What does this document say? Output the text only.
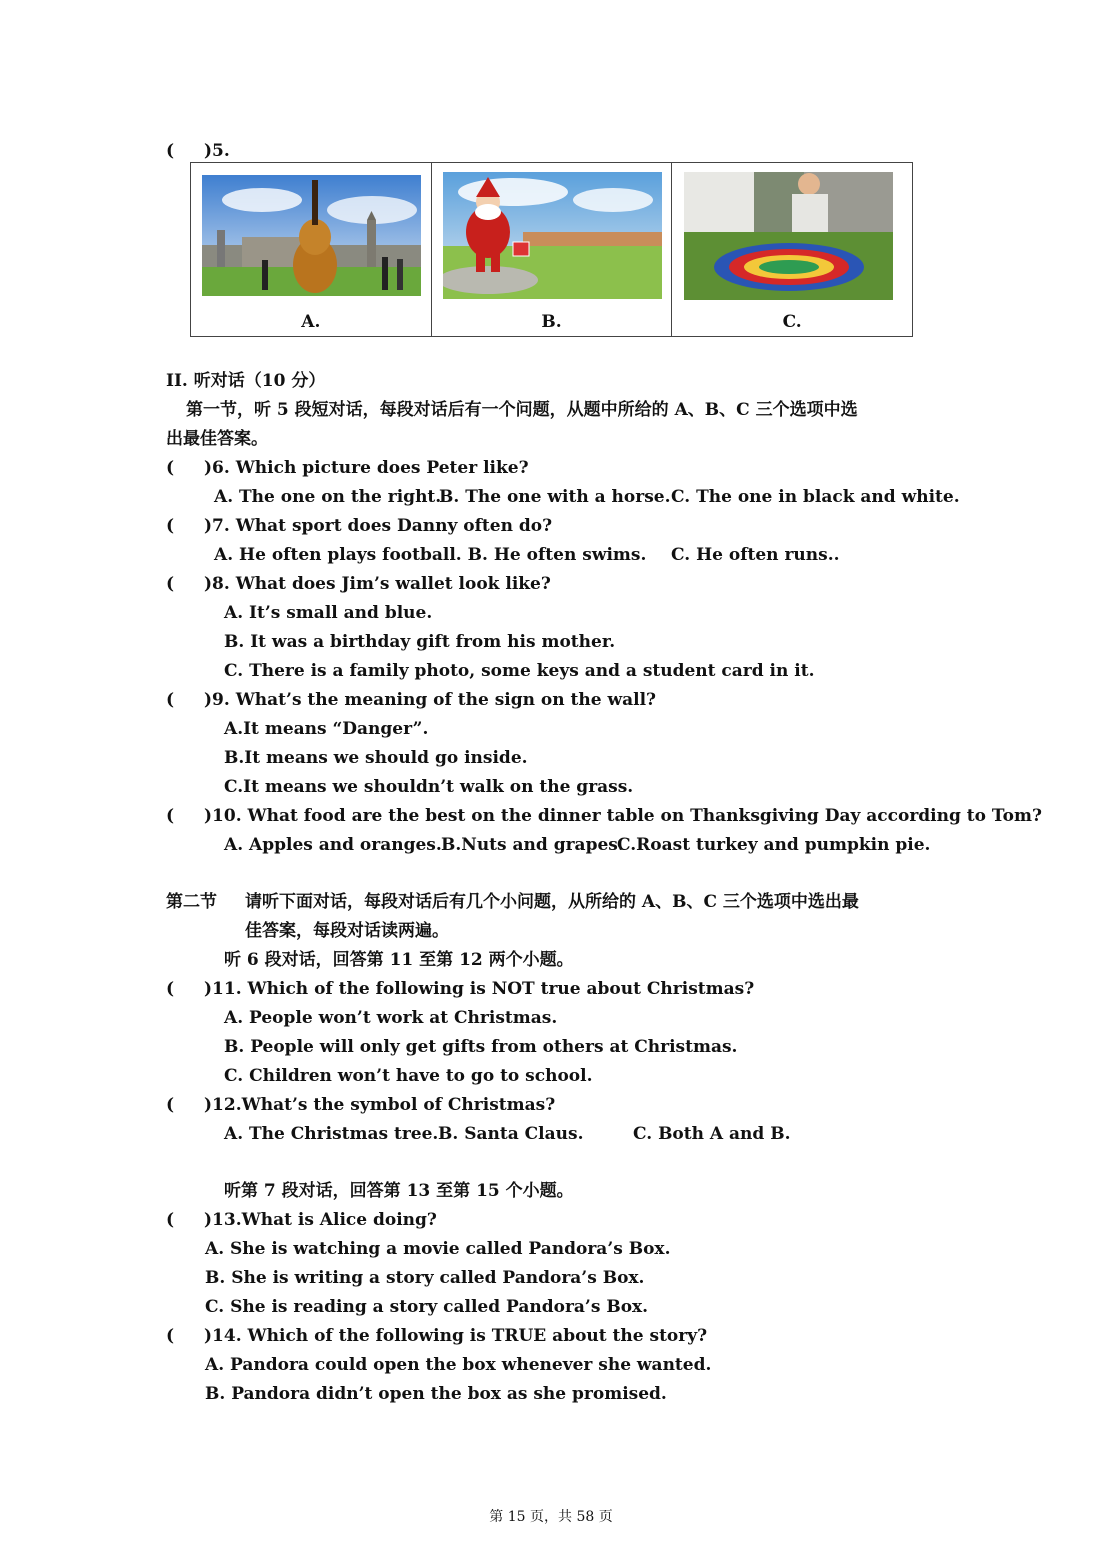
( )5.
A.	B.	C.
II. 听对话（10 分）
第一节，听 5 段短对话，每段对话后有一个问题，从题中所给的 A、B、C 三个选项中选
出最佳答案。
( )6. Which picture does Peter like?
A. The one on the right.
B. The one with a horse. C. The one in black and white.
( )7. What sport does Danny often do?
A. He often plays football. B. He often swims. C. He often runs..
( )8. What does Jim’s wallet look like?
A. It’s small and blue.
B. It was a birthday gift from his mother.
C. There is a family photo, some keys and a student card in it.
( )9. What’s the meaning of the sign on the wall?
A.It means “Danger”.
B.It means we should go inside.
C.It means we shouldn’t walk on the grass.
( )10. What food are the best on the dinner table on Thanksgiving Day according to Tom?
A. Apples and oranges. B.Nuts and grapes.
C.Roast turkey and pumpkin pie.
第二节 请听下面对话，每段对话后有几个小问题，从所给的 A、B、C 三个选项中选出最
佳答案，每段对话读两遍。
听 6 段对话，回答第 11 至第 12 两个小题。
( )11. Which of the following is NOT true about Christmas?
A. People won’t work at Christmas.
B. People will only get gifts from others at Christmas.
C. Children won’t have to go to school.
( )12.What’s the symbol of Christmas?
A. The Christmas tree. B. Santa Claus.	C. Both A and B.
听第 7 段对话，回答第 13 至第 15 个小题。
( )13.What is Alice doing?
A. She is watching a movie called Pandora’s Box.
B. She is writing a story called Pandora’s Box.
C. She is reading a story called Pandora’s Box.
( )14. Which of the following is TRUE about the story?
A. Pandora could open the box whenever she wanted.
B. Pandora didn’t open the box as she promised.
第 15 页，共 58 页
